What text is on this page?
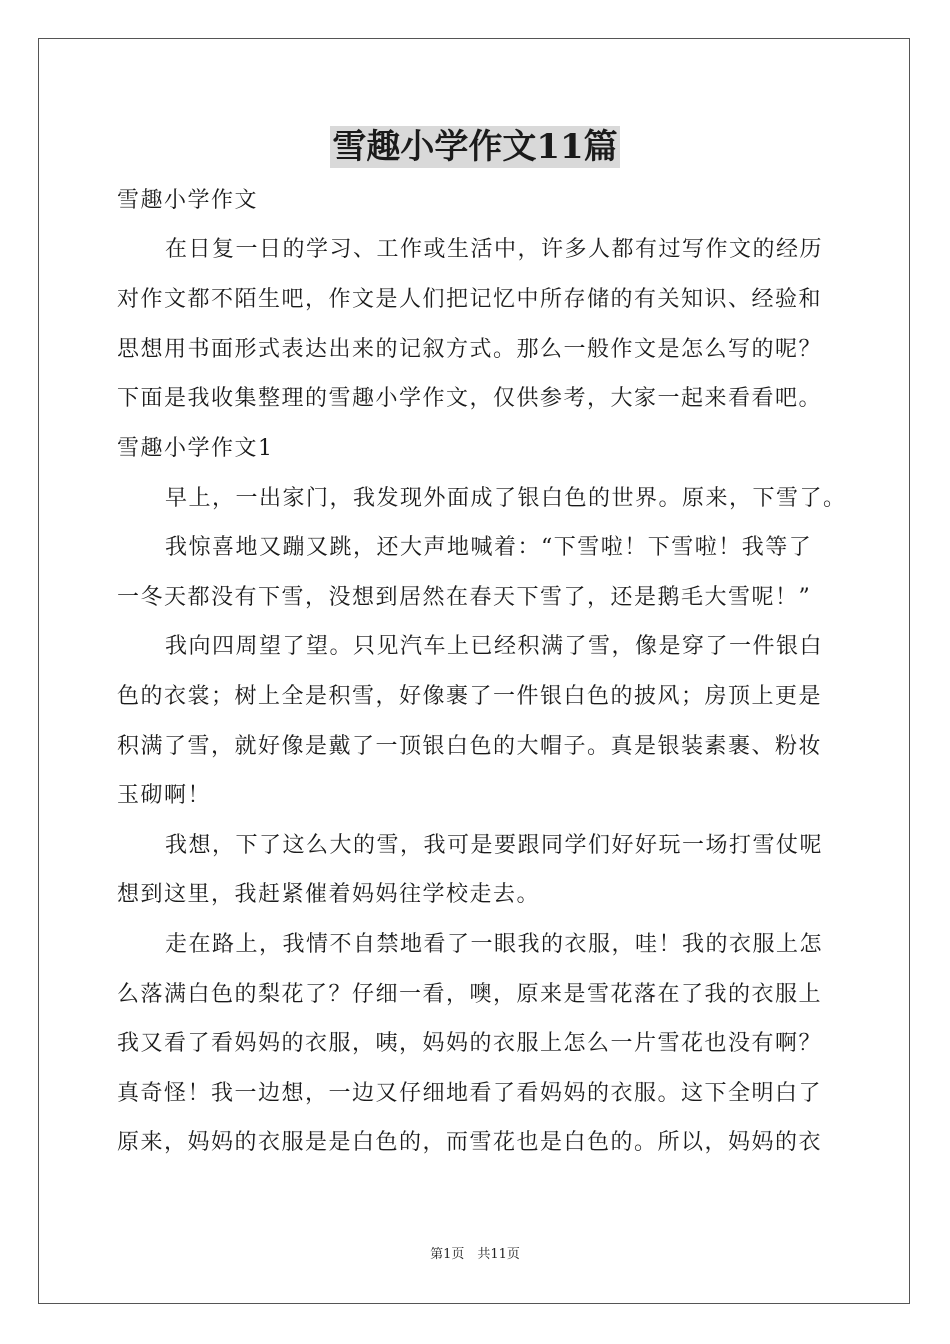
雪趣小学作文11篇
雪趣小学作文
在日复一日的学习、工作或生活中，许多人都有过写作文的经历
对作文都不陌生吧，作文是人们把记忆中所存储的有关知识、经验和
思想用书面形式表达出来的记叙方式。那么一般作文是怎么写的呢？
下面是我收集整理的雪趣小学作文，仅供参考，大家一起来看看吧。
雪趣小学作文1
早上，一出家门，我发现外面成了银白色的世界。原来，下雪了。
我惊喜地又蹦又跳，还大声地喊着：“下雪啦！下雪啦！我等了
一冬天都没有下雪，没想到居然在春天下雪了，还是鹅毛大雪呢！”
我向四周望了望。只见汽车上已经积满了雪，像是穿了一件银白
色的衣裳；树上全是积雪，好像裹了一件银白色的披风；房顶上更是
积满了雪，就好像是戴了一顶银白色的大帽子。真是银装素裹、粉妆
玉砌啊！
我想，下了这么大的雪，我可是要跟同学们好好玩一场打雪仗呢
想到这里，我赶紧催着妈妈往学校走去。
走在路上，我情不自禁地看了一眼我的衣服，哇！我的衣服上怎
么落满白色的梨花了？仔细一看，噢，原来是雪花落在了我的衣服上
我又看了看妈妈的衣服，咦，妈妈的衣服上怎么一片雪花也没有啊？
真奇怪！我一边想，一边又仔细地看了看妈妈的衣服。这下全明白了
原来，妈妈的衣服是是白色的，而雪花也是白色的。所以，妈妈的衣
第1页　共11页
